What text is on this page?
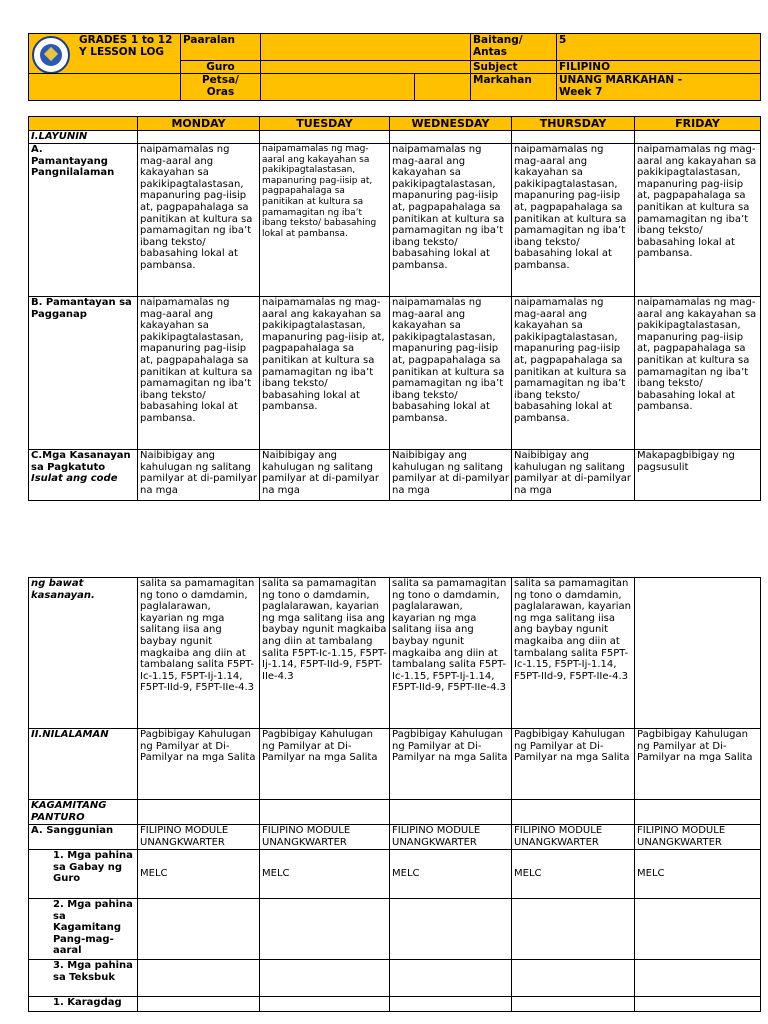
GRADES 1 to 12
Y LESSON LOG	Paaralan			Baitang/
Antas	5
	Guro			Subject	FILIPINO
	Petsa/
Oras			Markahan	UNANG MARKAHAN -
Week 7
	MONDAY	TUESDAY	WEDNESDAY	THURSDAY	FRIDAY
I.LAYUNIN					
A.
Pamantayang Pangnilalaman	naipamamalas ng mag-aaral ang kakayahan sa pakikipagtalastasan, mapanuring pag-iisip at, pagpapahalaga sa panitikan at kultura sa pamamagitan ng iba’t ibang teksto/ babasahing lokal at pambansa.	naipamamalas ng mag-aaral ang kakayahan sa pakikipagtalastasan, mapanuring pag-iisip at, pagpapahalaga sa panitikan at kultura sa pamamagitan ng iba’t ibang teksto/ babasahing lokal at pambansa.	naipamamalas ng mag-aaral ang kakayahan sa pakikipagtalastasan, mapanuring pag-iisip at, pagpapahalaga sa panitikan at kultura sa pamamagitan ng iba’t ibang teksto/ babasahing lokal at pambansa.	naipamamalas ng mag-aaral ang kakayahan sa pakikipagtalastasan, mapanuring pag-iisip at, pagpapahalaga sa panitikan at kultura sa pamamagitan ng iba’t ibang teksto/ babasahing lokal at pambansa.	naipamamalas ng mag-aaral ang kakayahan sa pakikipagtalastasan, mapanuring pag-iisip at, pagpapahalaga sa panitikan at kultura sa pamamagitan ng iba’t ibang teksto/ babasahing lokal at pambansa.
B. Pamantayan sa Pagganap	naipamamalas ng mag-aaral ang kakayahan sa pakikipagtalastasan, mapanuring pag-iisip at, pagpapahalaga sa panitikan at kultura sa pamamagitan ng iba’t ibang teksto/ babasahing lokal at pambansa.	naipamamalas ng mag-aaral ang kakayahan sa pakikipagtalastasan, mapanuring pag-iisip at, pagpapahalaga sa panitikan at kultura sa pamamagitan ng iba’t ibang teksto/ babasahing lokal at pambansa.	naipamamalas ng mag-aaral ang kakayahan sa pakikipagtalastasan, mapanuring pag-iisip at, pagpapahalaga sa panitikan at kultura sa pamamagitan ng iba’t ibang teksto/ babasahing lokal at pambansa.	naipamamalas ng mag-aaral ang kakayahan sa pakikipagtalastasan, mapanuring pag-iisip at, pagpapahalaga sa panitikan at kultura sa pamamagitan ng iba’t ibang teksto/ babasahing lokal at pambansa.	naipamamalas ng mag-aaral ang kakayahan sa pakikipagtalastasan, mapanuring pag-iisip at, pagpapahalaga sa panitikan at kultura sa pamamagitan ng iba’t ibang teksto/ babasahing lokal at pambansa.
C.Mga Kasanayan sa Pagkatuto
Isulat ang code	Naibibigay ang kahulugan ng salitang pamilyar at di-pamilyar na mga	Naibibigay ang kahulugan ng salitang pamilyar at di-pamilyar na mga	Naibibigay ang kahulugan ng salitang pamilyar at di-pamilyar na mga	Naibibigay ang kahulugan ng salitang pamilyar at di-pamilyar na mga	Makapagbibigay ng pagsusulit
ng bawat kasanayan.	salita sa pamamagitan ng tono o damdamin, paglalarawan, kayarian ng mga salitang iisa ang baybay ngunit magkaiba ang diin at tambalang salita F5PT-Ic-1.15, F5PT-Ij-1.14, F5PT-IId-9, F5PT-IIe-4.3	salita sa pamamagitan ng tono o damdamin, paglalarawan, kayarian ng mga salitang iisa ang baybay ngunit magkaiba ang diin at tambalang salita F5PT-Ic-1.15, F5PT-Ij-1.14, F5PT-IId-9, F5PT-IIe-4.3	salita sa pamamagitan ng tono o damdamin, paglalarawan, kayarian ng mga salitang iisa ang baybay ngunit magkaiba ang diin at tambalang salita F5PT-Ic-1.15, F5PT-Ij-1.14, F5PT-IId-9, F5PT-IIe-4.3	salita sa pamamagitan ng tono o damdamin, paglalarawan, kayarian ng mga salitang iisa ang baybay ngunit magkaiba ang diin at tambalang salita F5PT-Ic-1.15, F5PT-Ij-1.14, F5PT-IId-9, F5PT-IIe-4.3	
II.NILALAMAN	Pagbibigay Kahulugan ng Pamilyar at Di-Pamilyar na mga Salita	Pagbibigay Kahulugan ng Pamilyar at Di-Pamilyar na mga Salita	Pagbibigay Kahulugan ng Pamilyar at Di-Pamilyar na mga Salita	Pagbibigay Kahulugan ng Pamilyar at Di-Pamilyar na mga Salita	Pagbibigay Kahulugan ng Pamilyar at Di-Pamilyar na mga Salita
KAGAMITANG PANTURO					
A. Sanggunian	FILIPINO MODULE UNANGKWARTER	FILIPINO MODULE UNANGKWARTER	FILIPINO MODULE UNANGKWARTER	FILIPINO MODULE UNANGKWARTER	FILIPINO MODULE UNANGKWARTER
1. Mga pahina sa Gabay ng Guro	MELC	MELC	MELC	MELC	MELC
2. Mga pahina sa Kagamitang Pang-mag-aaral					
3. Mga pahina sa Teksbuk					
1. Karagdag					
